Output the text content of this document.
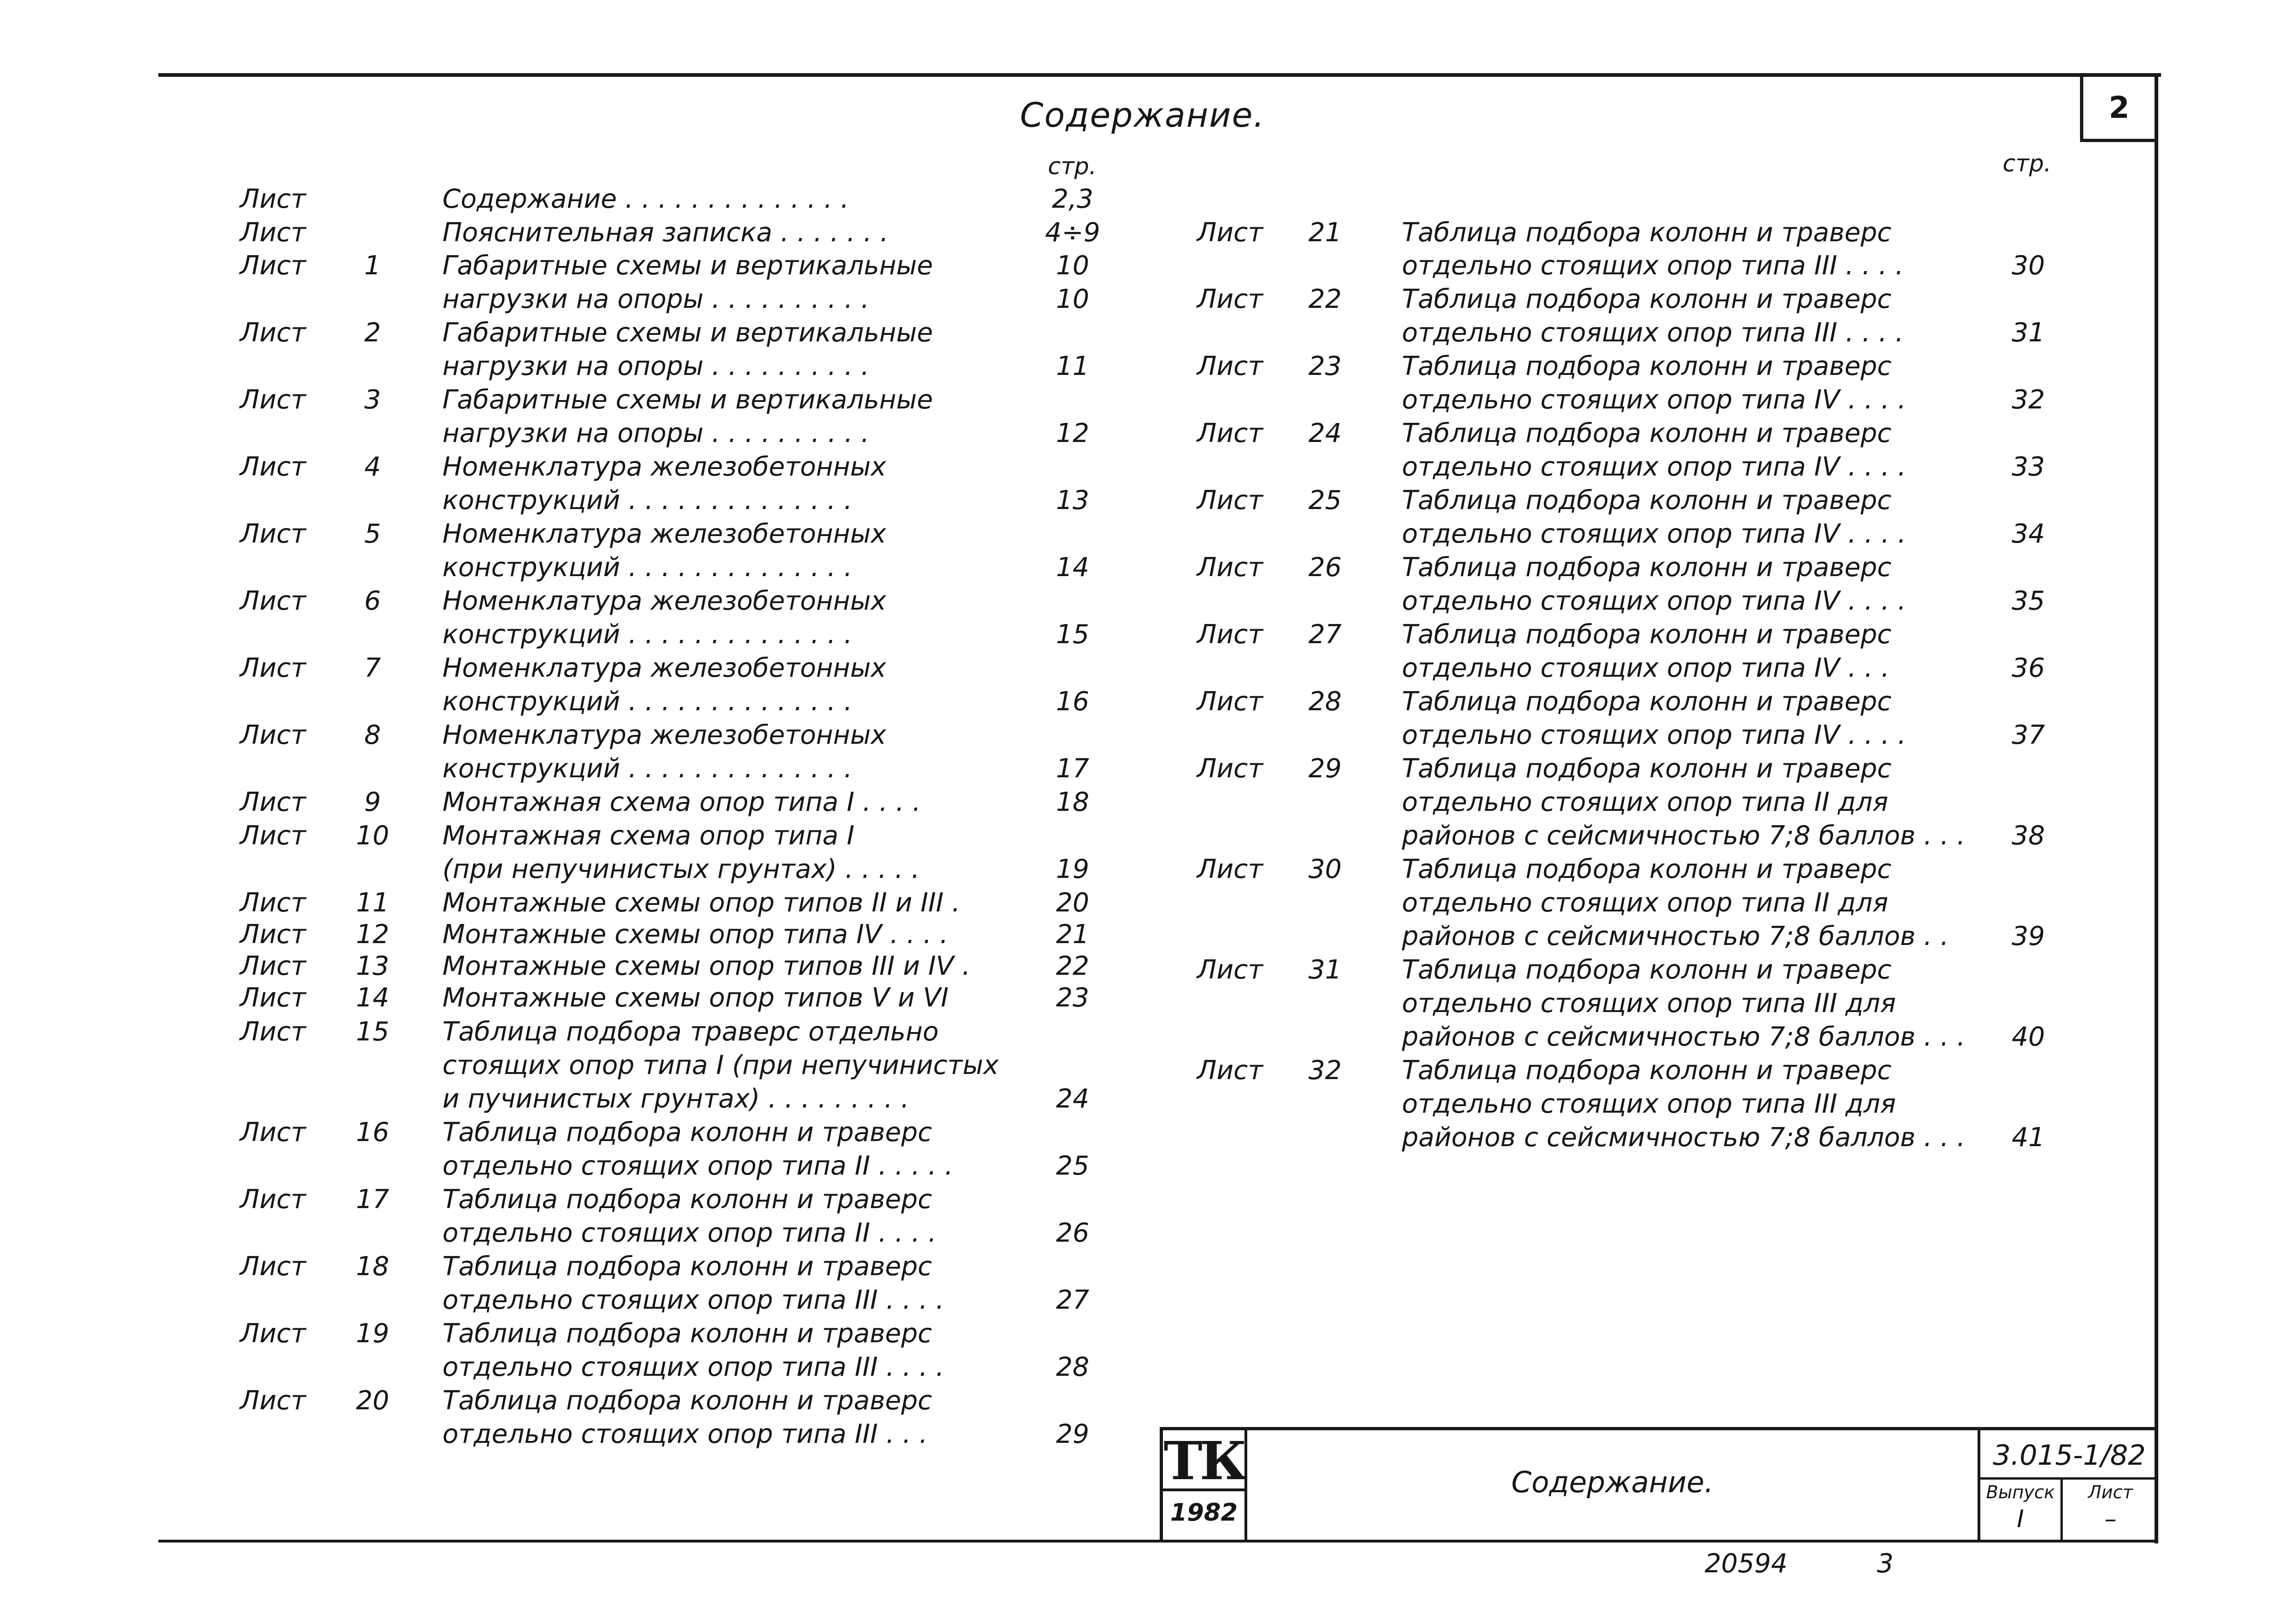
2
Содержание.
стр.	стр.
Лист	Содержание . . . . . . . . . . . . . .	2,3
Лист	Пояснительная записка . . . . . . .	4÷9
Лист	1	Габаритные схемы и вертикальные	10
нагрузки на опоры . . . . . . . . . .	10
Лист	2	Габаритные схемы и вертикальные
нагрузки на опоры . . . . . . . . . .	11
Лист	3	Габаритные схемы и вертикальные
нагрузки на опоры . . . . . . . . . .	12
Лист	4	Номенклатура железобетонных
конструкций . . . . . . . . . . . . . .	13
Лист	5	Номенклатура железобетонных
конструкций . . . . . . . . . . . . . .	14
Лист	6	Номенклатура железобетонных
конструкций . . . . . . . . . . . . . .	15
Лист	7	Номенклатура железобетонных
конструкций . . . . . . . . . . . . . .	16
Лист	8	Номенклатура железобетонных
конструкций . . . . . . . . . . . . . .	17
Лист	9	Монтажная схема опор типа I . . . .	18
Лист	10	Монтажная схема опор типа I
(при непучинистых грунтах) . . . . .	19
Лист	11	Монтажные схемы опор типов II и III .	20
Лист	12	Монтажные схемы опор типа IV . . . .	21
Лист	13	Монтажные схемы опор типов III и IV .	22
Лист	14	Монтажные схемы опор типов V и VI	23
Лист	15	Таблица подбора траверс отдельно
стоящих опор типа I (при непучинистых
и пучинистых грунтах) . . . . . . . . .	24
Лист	16	Таблица подбора колонн и траверс
отдельно стоящих опор типа II . . . . .	25
Лист	17	Таблица подбора колонн и траверс
отдельно стоящих опор типа II . . . .	26
Лист	18	Таблица подбора колонн и траверс
отдельно стоящих опор типа III . . . .	27
Лист	19	Таблица подбора колонн и траверс
отдельно стоящих опор типа III . . . .	28
Лист	20	Таблица подбора колонн и траверс
отдельно стоящих опор типа III . . .	29
Лист	21	Таблица подбора колонн и траверс
отдельно стоящих опор типа III . . . .	30
Лист	22	Таблица подбора колонн и траверс
отдельно стоящих опор типа III . . . .	31
Лист	23	Таблица подбора колонн и траверс
отдельно стоящих опор типа IV . . . .	32
Лист	24	Таблица подбора колонн и траверс
отдельно стоящих опор типа IV . . . .	33
Лист	25	Таблица подбора колонн и траверс
отдельно стоящих опор типа IV . . . .	34
Лист	26	Таблица подбора колонн и траверс
отдельно стоящих опор типа IV . . . .	35
Лист	27	Таблица подбора колонн и траверс
отдельно стоящих опор типа IV . . .	36
Лист	28	Таблица подбора колонн и траверс
отдельно стоящих опор типа IV . . . .	37
Лист	29	Таблица подбора колонн и траверс
отдельно стоящих опор типа II для
районов с сейсмичностью 7;8 баллов . . .	38
Лист	30	Таблица подбора колонн и траверс
отдельно стоящих опор типа II для
районов с сейсмичностью 7;8 баллов . .	39
Лист	31	Таблица подбора колонн и траверс
отдельно стоящих опор типа III для
районов с сейсмичностью 7;8 баллов . . .	40
Лист	32	Таблица подбора колонн и траверс
отдельно стоящих опор типа III для
районов с сейсмичностью 7;8 баллов . . .	41
ТК
1982
Содержание.
3.015-1/82
Выпуск
I
Лист
–
20594	3
